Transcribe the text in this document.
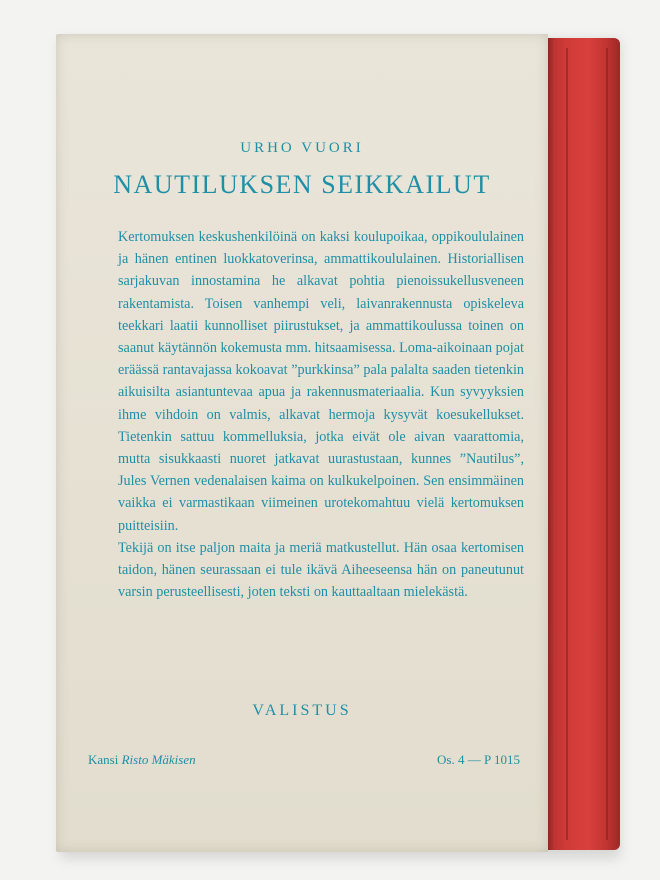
URHO VUORI
NAUTILUKSEN SEIKKAILUT

Kertomuksen keskushenkilöinä on kaksi koulupoikaa, oppikoululainen ja hänen entinen luokkatoverinsa, ammattikoululainen. Historiallisen sarjakuvan innostamina he alkavat pohtia pienoissukellusveneen rakentamista. Toisen vanhempi veli, laivanrakennusta opiskeleva teekkari laatii kunnolliset piirustukset, ja ammattikoulussa toinen on saanut käytännön kokemusta mm. hitsaamisessa. Loma-aikoinaan pojat eräässä rantavajassa kokoavat ”purkkinsa” pala palalta saaden tietenkin aikuisilta asiantuntevaa apua ja rakennusmateriaalia. Kun syvyyksien ihme vihdoin on valmis, alkavat hermoja kysyvät koesukellukset. Tietenkin sattuu kommelluksia, jotka eivät ole aivan vaarattomia, mutta sisukkaasti nuoret jatkavat uurastustaan, kunnes ”Nautilus”, Jules Vernen vedenalaisen kaima on kulkukelpoinen. Sen ensimmäinen vaikka ei varmastikaan viimeinen urotekomahtuu vielä kertomuksen puitteisiin.

Tekijä on itse paljon maita ja meriä matkustellut. Hän osaa kertomisen taidon, hänen seurassaan ei tule ikävä Aiheeseensa hän on paneutunut varsin perusteellisesti, joten teksti on kauttaaltaan mielekästä.

VALISTUS
Kansi Risto Mäkisen	Os. 4 — P 1015
